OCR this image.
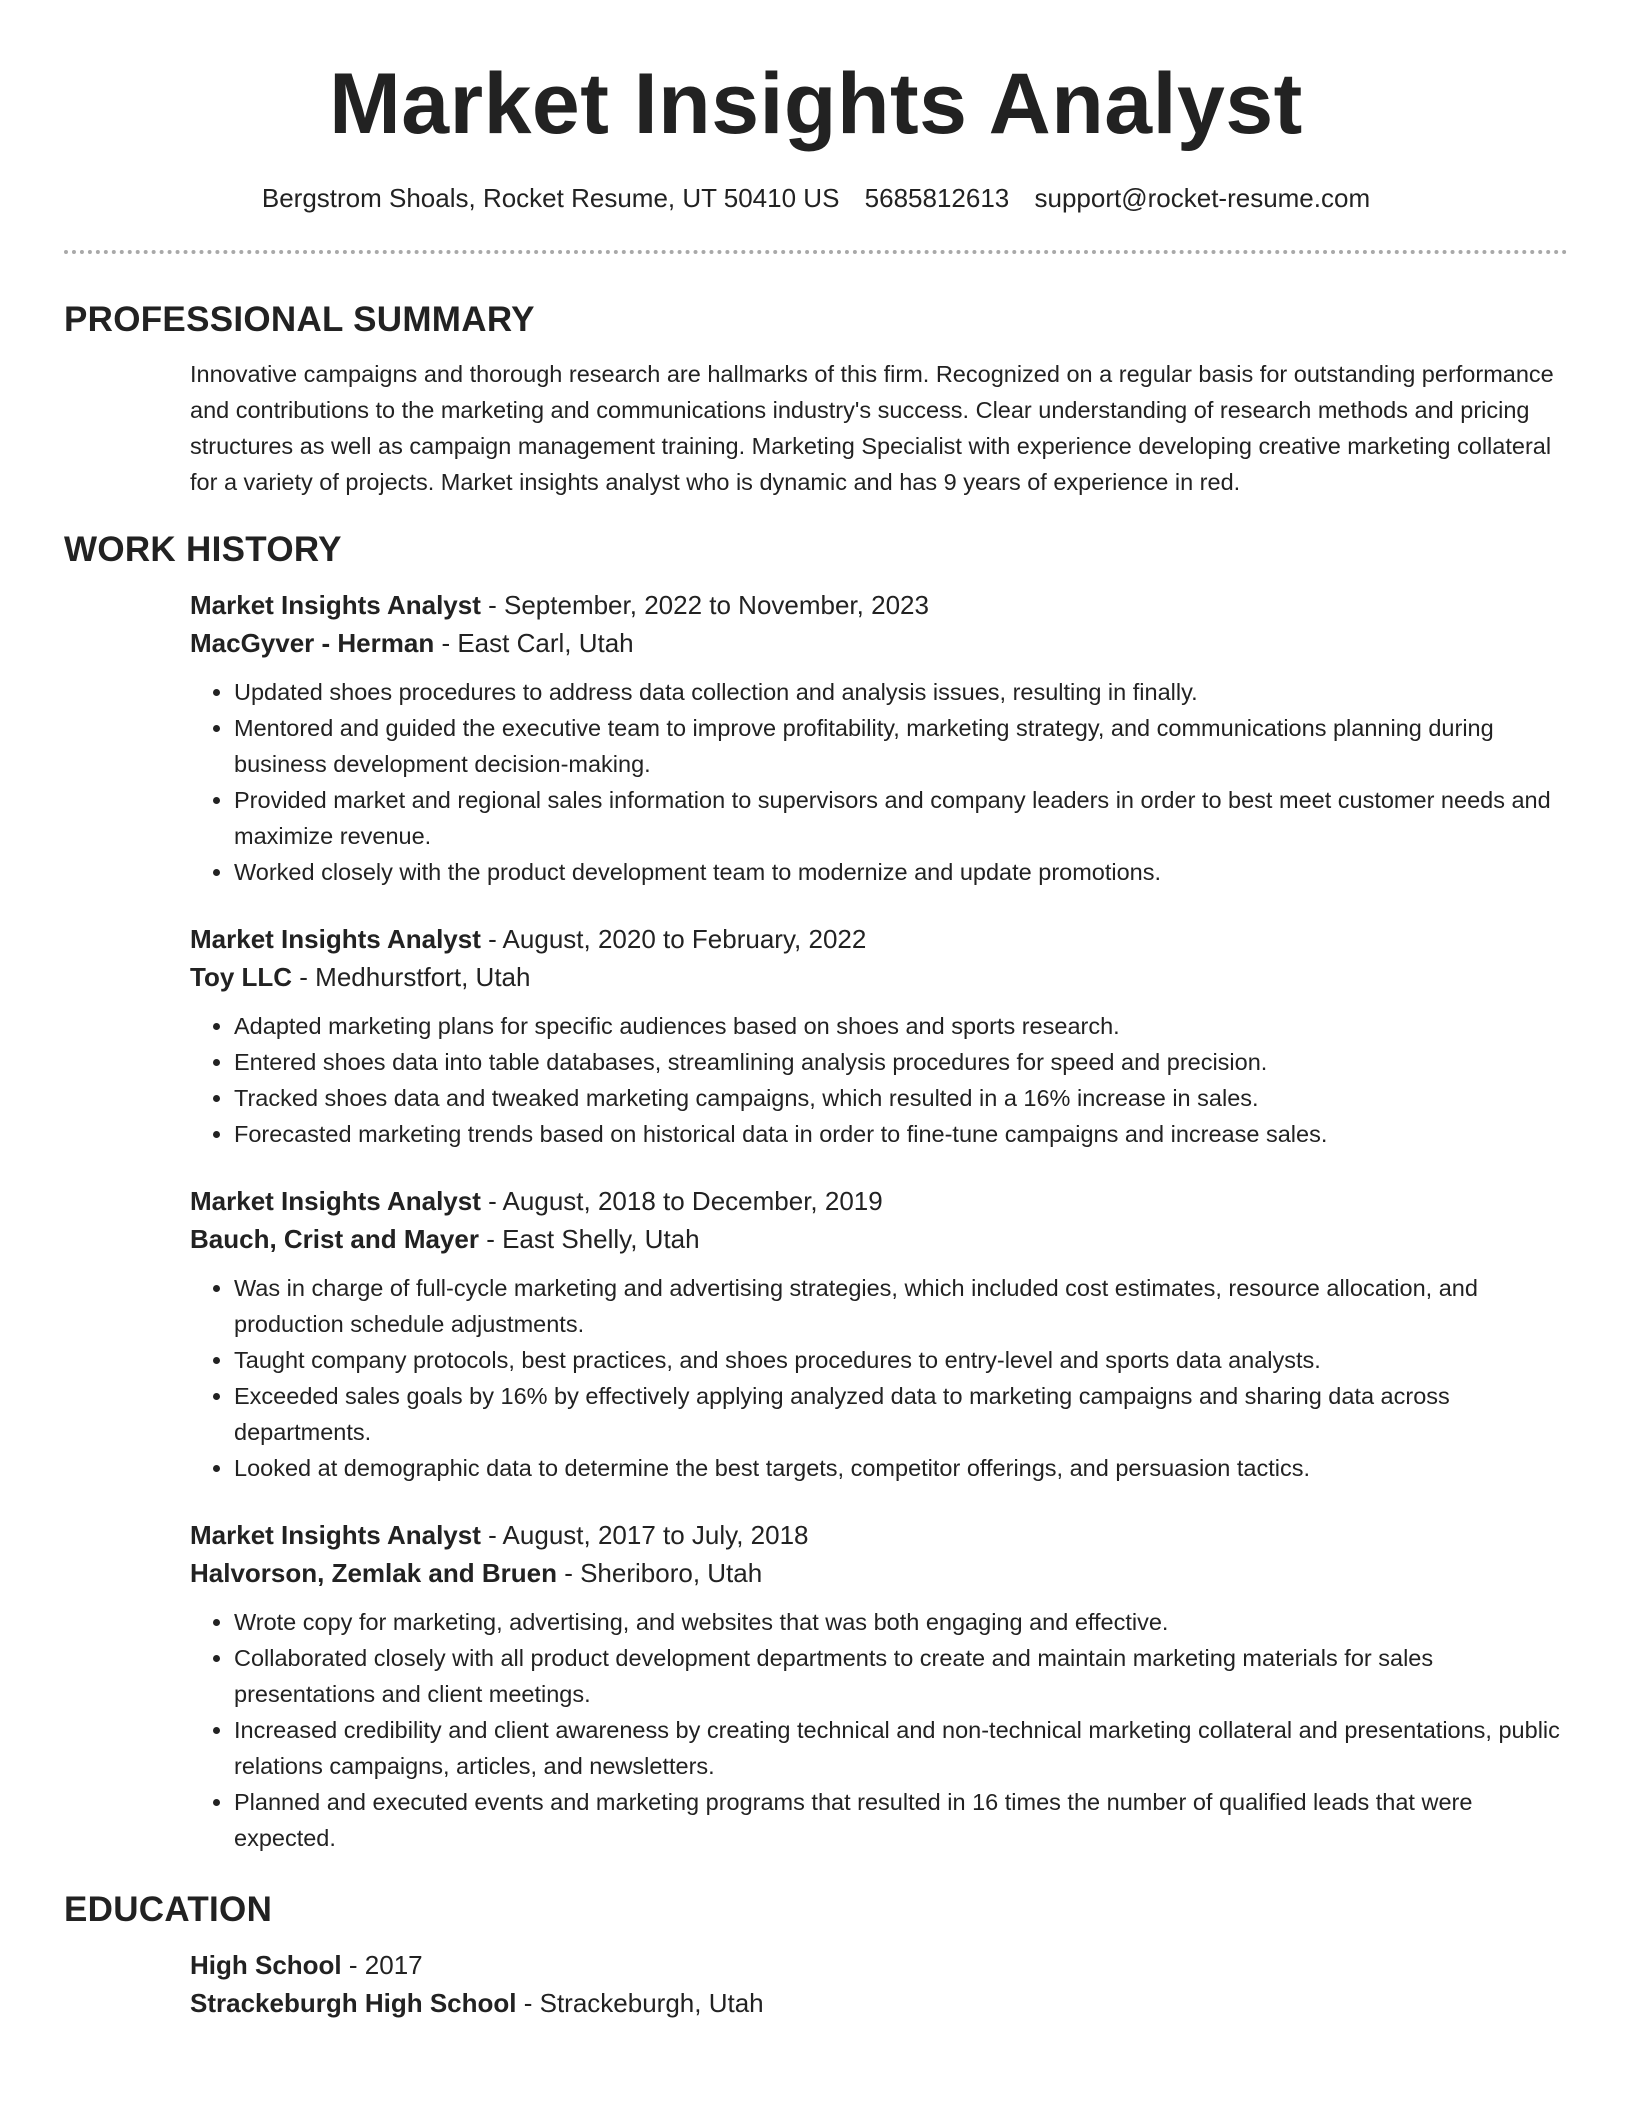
Market Insights Analyst
Bergstrom Shoals, Rocket Resume, UT 50410 US 5685812613 support@rocket-resume.com
PROFESSIONAL SUMMARY

Innovative campaigns and thorough research are hallmarks of this firm. Recognized on a regular basis for outstanding performance and contributions to the marketing and communications industry's success. Clear understanding of research methods and pricing structures as well as campaign management training. Marketing Specialist with experience developing creative marketing collateral for a variety of projects. Market insights analyst who is dynamic and has 9 years of experience in red.

WORK HISTORY
Market Insights Analyst - September, 2022 to November, 2023
MacGyver - Herman - East Carl, Utah
• Updated shoes procedures to address data collection and analysis issues, resulting in finally.
• Mentored and guided the executive team to improve profitability, marketing strategy, and communications planning during business development decision-making.
• Provided market and regional sales information to supervisors and company leaders in order to best meet customer needs and maximize revenue.
• Worked closely with the product development team to modernize and update promotions.
Market Insights Analyst - August, 2020 to February, 2022
Toy LLC - Medhurstfort, Utah
• Adapted marketing plans for specific audiences based on shoes and sports research.
• Entered shoes data into table databases, streamlining analysis procedures for speed and precision.
• Tracked shoes data and tweaked marketing campaigns, which resulted in a 16% increase in sales.
• Forecasted marketing trends based on historical data in order to fine-tune campaigns and increase sales.
Market Insights Analyst - August, 2018 to December, 2019
Bauch, Crist and Mayer - East Shelly, Utah
• Was in charge of full-cycle marketing and advertising strategies, which included cost estimates, resource allocation, and production schedule adjustments.
• Taught company protocols, best practices, and shoes procedures to entry-level and sports data analysts.
• Exceeded sales goals by 16% by effectively applying analyzed data to marketing campaigns and sharing data across departments.
• Looked at demographic data to determine the best targets, competitor offerings, and persuasion tactics.
Market Insights Analyst - August, 2017 to July, 2018
Halvorson, Zemlak and Bruen - Sheriboro, Utah
• Wrote copy for marketing, advertising, and websites that was both engaging and effective.
• Collaborated closely with all product development departments to create and maintain marketing materials for sales presentations and client meetings.
• Increased credibility and client awareness by creating technical and non-technical marketing collateral and presentations, public relations campaigns, articles, and newsletters.
• Planned and executed events and marketing programs that resulted in 16 times the number of qualified leads that were expected.
EDUCATION
High School - 2017
Strackeburgh High School - Strackeburgh, Utah
